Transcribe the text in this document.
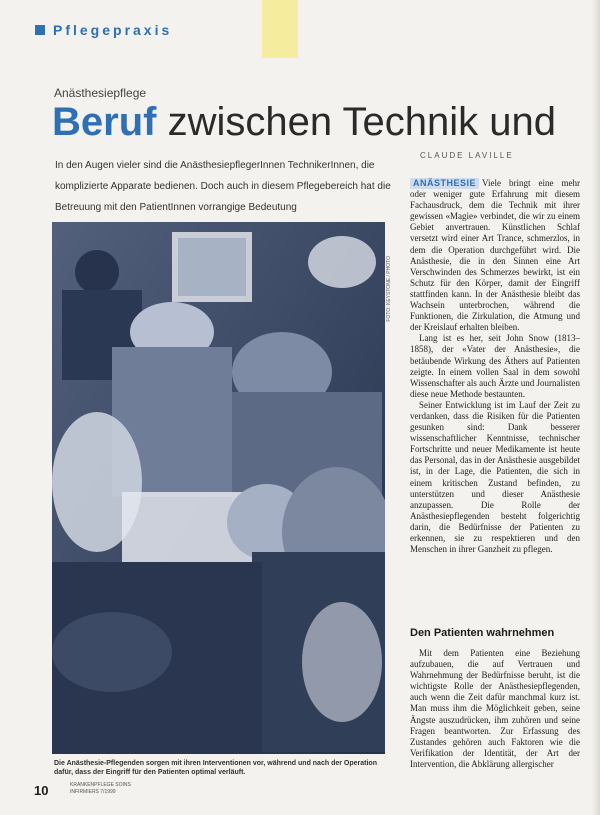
Pflegepraxis
Anästhesiepflege
Beruf zwischen Technik und
In den Augen vieler sind die AnästhesiepflegerInnen TechnikerInnen, die komplizierte Apparate bedienen. Doch auch in diesem Pflegebereich hat die Betreuung mit den PatientInnen vorrangige Bedeutung
CLAUDE LAVILLE
FOTO: KEYSTONE / PHOTO
Die Anästhesie-Pflegenden sorgen mit ihren Interventionen vor, während und nach der Operation dafür, dass der Eingriff für den Patienten optimal verläuft.
10	KRANKENPFLEGE SOINS
INFIRMIERS 7/1999

ANÄSTHESIE Viele bringt eine mehr oder weniger gute Erfahrung mit diesem Fachausdruck, dem die Technik mit ihrer gewissen «Magie» verbindet, die wir zu einem Gebiet anvertrauen. Künstlichen Schlaf versetzt wird einer Art Trance, schmerzlos, in dem die Operation durchgeführt wird. Die Anästhesie, die in den Sinnen eine Art Verschwinden des Schmerzes bewirkt, ist ein Schutz für den Körper, damit der Eingriff stattfinden kann. In der Anästhesie bleibt das Wachsein unterbrochen, während die Funktionen, die Zirkulation, die Atmung und der Kreislauf erhalten bleiben.

Lang ist es her, seit John Snow (1813–1858), der «Vater der Anästhesie», die betäubende Wirkung des Äthers auf Patienten zeigte. In einem vollen Saal in dem sowohl Wissenschafter als auch Ärzte und Journalisten diese neue Methode bestaunten.

Seiner Entwicklung ist im Lauf der Zeit zu verdanken, dass die Risiken für die Patienten gesunken sind: Dank besserer wissenschaftlicher Kenntnisse, technischer Fortschritte und neuer Medikamente ist heute das Personal, das in der Anästhesie ausgebildet ist, in der Lage, die Patienten, die sich in einem kritischen Zustand befinden, zu unterstützen und dieser Anästhesie anzupassen. Die Rolle der Anästhesiepflegenden besteht folgerichtig darin, die Bedürfnisse der Patienten zu erkennen, sie zu respektieren und den Menschen in ihrer Ganzheit zu pflegen.

Den Patienten wahrnehmen

Mit dem Patienten eine Beziehung aufzubauen, die auf Vertrauen und Wahrnehmung der Bedürfnisse beruht, ist die wichtigste Rolle der Anästhesiepflegenden, auch wenn die Zeit dafür manchmal kurz ist. Man muss ihm die Möglichkeit geben, seine Ängste auszudrücken, ihm zuhören und seine Fragen beantworten. Zur Erfassung des Zustandes gehören auch Faktoren wie die Verifikation der Identität, der Art der Intervention, die Abklärung allergischer
